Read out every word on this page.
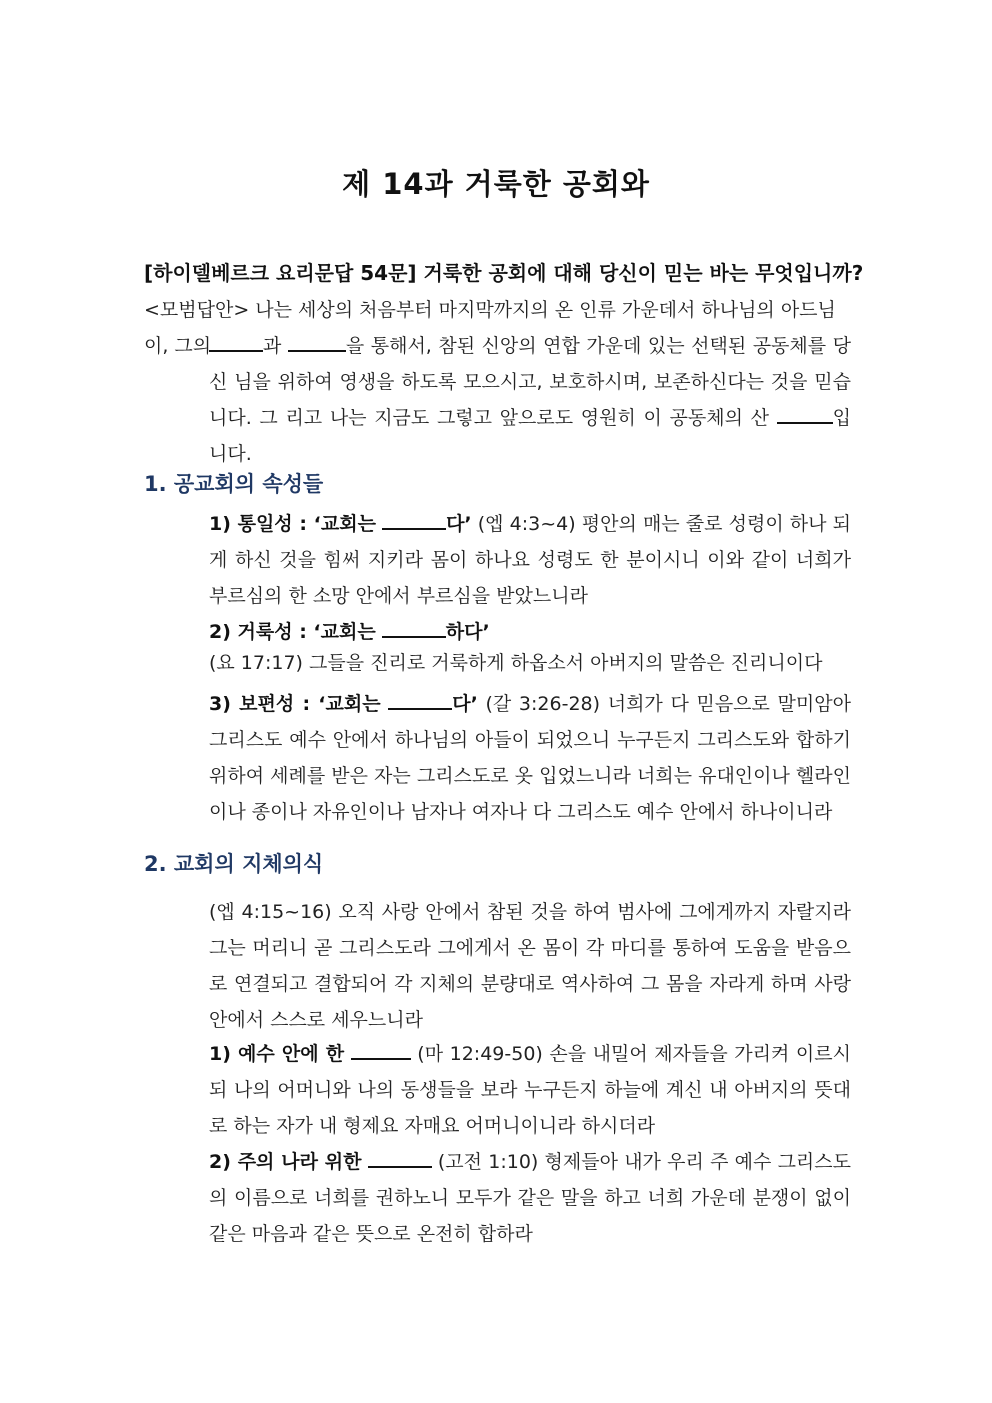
제 14과 거룩한 공회와
[하이델베르크 요리문답 54문] 거룩한 공회에 대해 당신이 믿는 바는 무엇입니까?
<모범답안> 나는 세상의 처음부터 마지막까지의 온 인류 가운데서 하나님의 아드님이, 그의	과	을 통해서, 참된 신앙의 연합 가운데 있는 선택된 공동체를 당신 님을 위하여 영생을 하도록 모으시고, 보호하시며, 보존하신다는 것을 믿습니다. 그 리고 나는 지금도 그렇고 앞으로도 영원히 이 공동체의 산	입니다.
1. 공교회의 속성들
1) 통일성 : ‘교회는	다’ (엡 4:3~4) 평안의 매는 줄로 성령이 하나 되게 하신 것을 힘써 지키라 몸이 하나요 성령도 한 분이시니 이와 같이 너희가 부르심의 한 소망 안에서 부르심을 받았느니라
2) 거룩성 : ‘교회는	하다’
(요 17:17) 그들을 진리로 거룩하게 하옵소서 아버지의 말씀은 진리니이다
3) 보편성 : ‘교회는	다’ (갈 3:26-28) 너희가 다 믿음으로 말미암아 그리스도 예수 안에서 하나님의 아들이 되었으니 누구든지 그리스도와 합하기 위하여 세례를 받은 자는 그리스도로 옷 입었느니라 너희는 유대인이나 헬라인이나 종이나 자유인이나 남자나 여자나 다 그리스도 예수 안에서 하나이니라
2. 교회의 지체의식
(엡 4:15~16) 오직 사랑 안에서 참된 것을 하여 범사에 그에게까지 자랄지라 그는 머리니 곧 그리스도라 그에게서 온 몸이 각 마디를 통하여 도움을 받음으로 연결되고 결합되어 각 지체의 분량대로 역사하여 그 몸을 자라게 하며 사랑 안에서 스스로 세우느니라
1) 예수 안에 한	(마 12:49-50) 손을 내밀어 제자들을 가리켜 이르시되 나의 어머니와 나의 동생들을 보라 누구든지 하늘에 계신 내 아버지의 뜻대로 하는 자가 내 형제요 자매요 어머니이니라 하시더라
2) 주의 나라 위한	(고전 1:10) 형제들아 내가 우리 주 예수 그리스도의 이름으로 너희를 권하노니 모두가 같은 말을 하고 너희 가운데 분쟁이 없이 같은 마음과 같은 뜻으로 온전히 합하라
